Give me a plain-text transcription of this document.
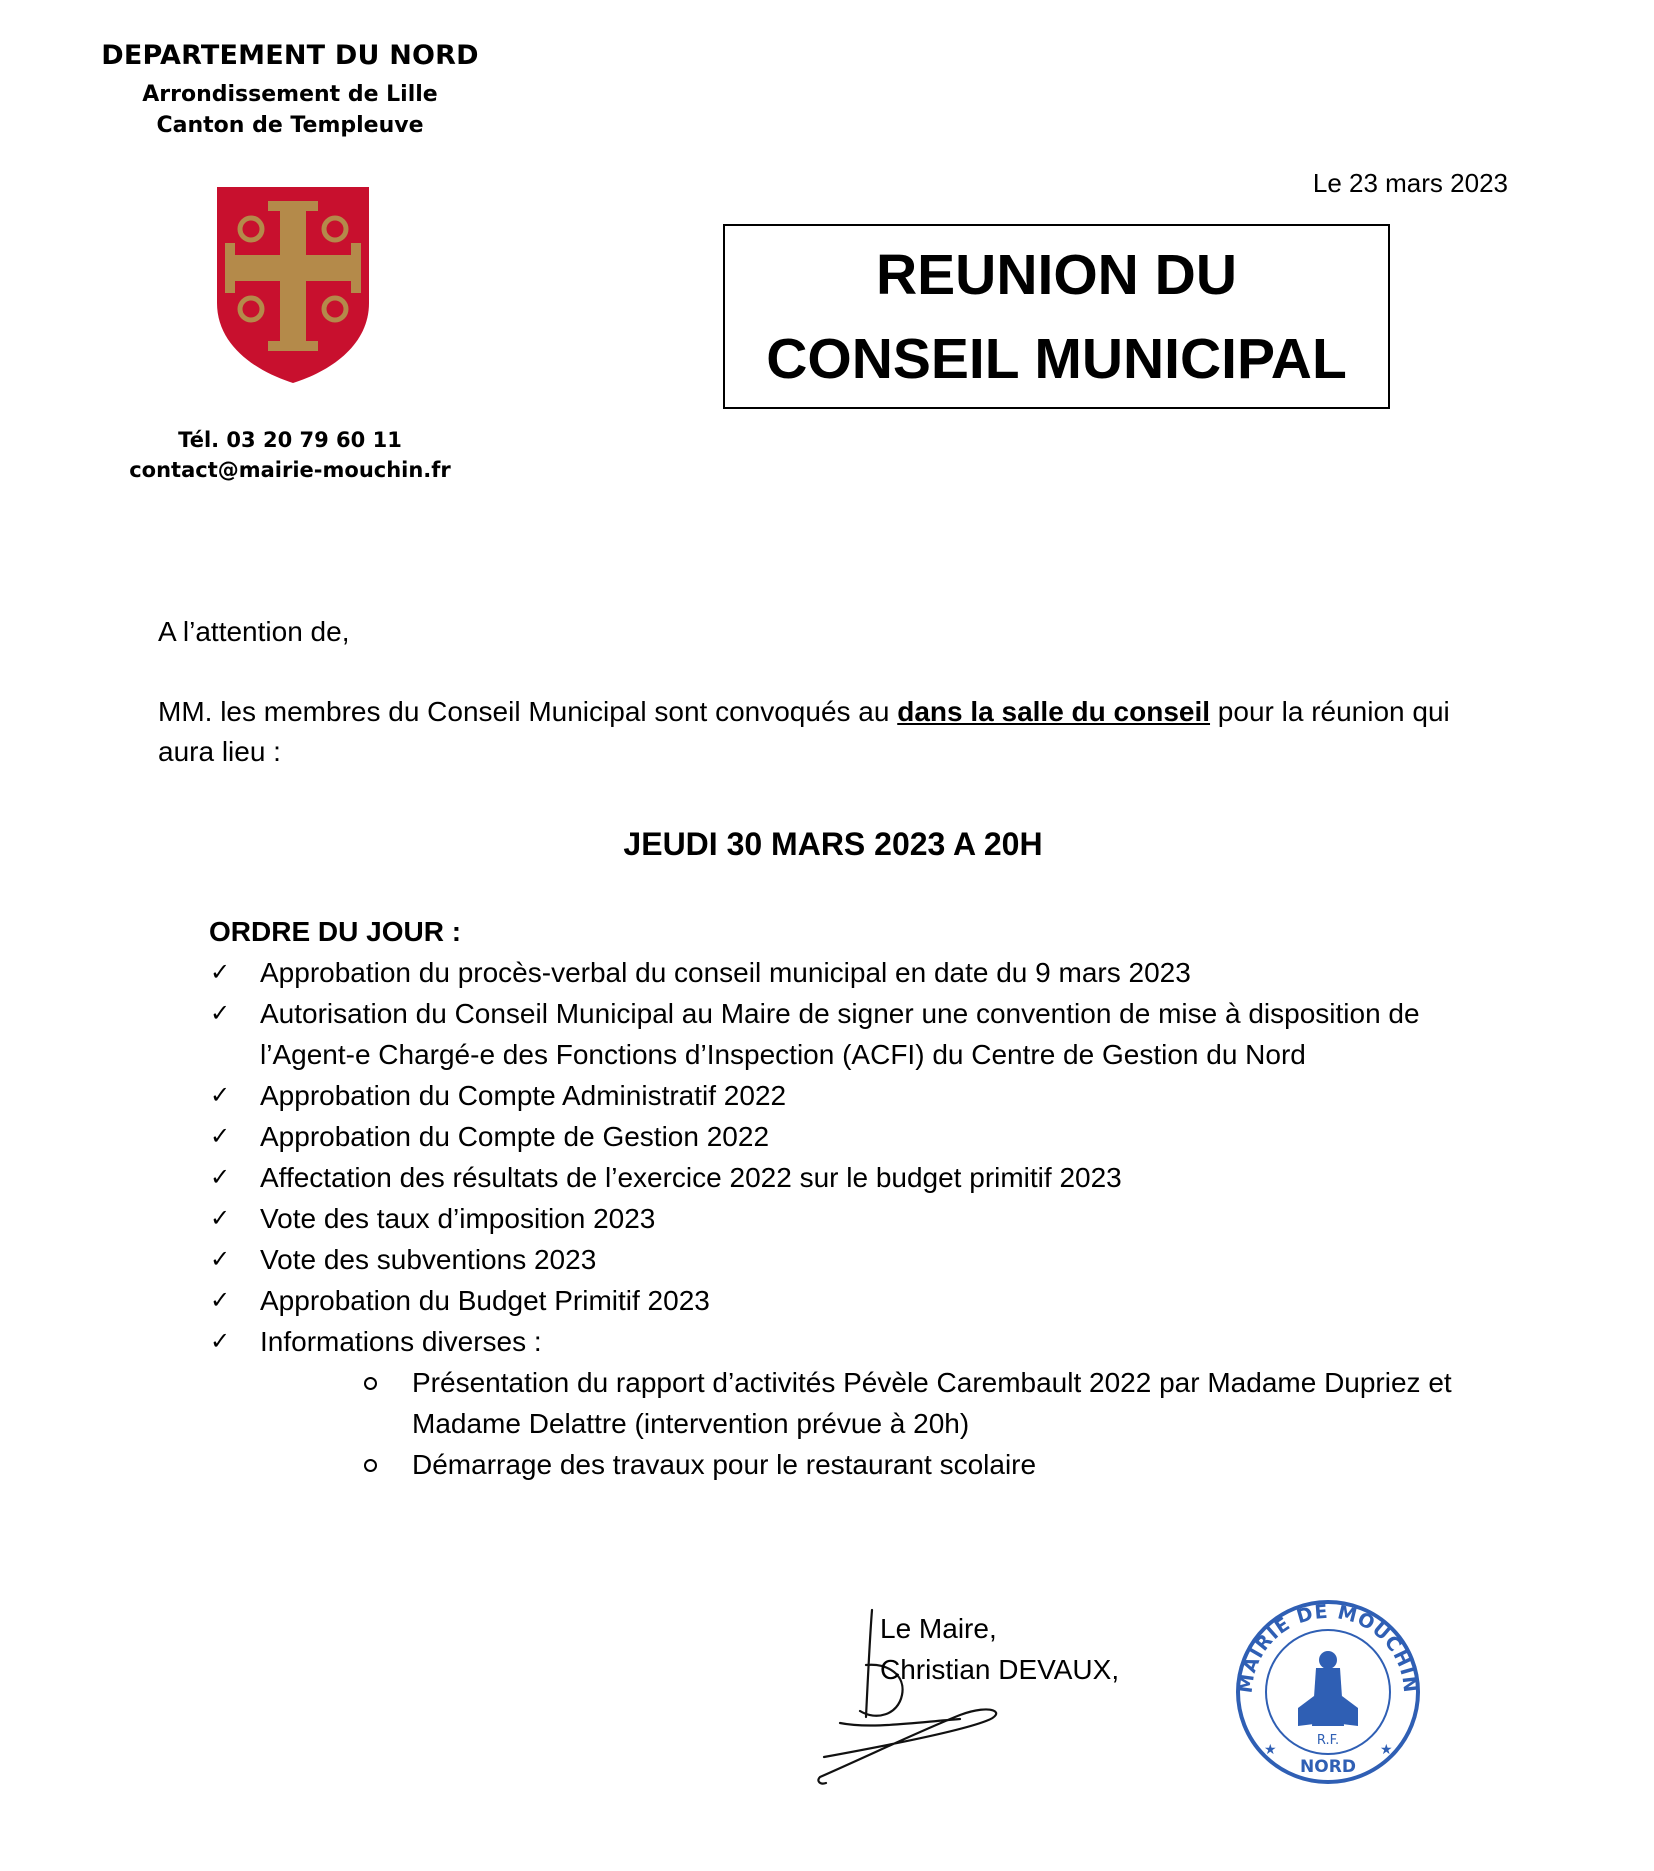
DEPARTEMENT DU NORD
Arrondissement de Lille
Canton de Templeuve
Tél. 03 20 79 60 11
contact@mairie-mouchin.fr
Le 23 mars 2023
REUNION DU
CONSEIL MUNICIPAL
A l’attention de,
MM. les membres du Conseil Municipal sont convoqués au dans la salle du conseil pour la réunion qui aura lieu :
JEUDI 30 MARS 2023 A 20H
ORDRE DU JOUR :
✓	Approbation du procès-verbal du conseil municipal en date du 9 mars 2023
✓	Autorisation du Conseil Municipal au Maire de signer une convention de mise à disposition de l’Agent-e Chargé-e des Fonctions d’Inspection (ACFI) du Centre de Gestion du Nord
✓	Approbation du Compte Administratif 2022
✓	Approbation du Compte de Gestion 2022
✓	Affectation des résultats de l’exercice 2022 sur le budget primitif 2023
✓	Vote des taux d’imposition 2023
✓	Vote des subventions 2023
✓	Approbation du Budget Primitif 2023
✓	Informations diverses :
Présentation du rapport d’activités Pévèle Carembault 2022 par Madame Dupriez et Madame Delattre (intervention prévue à 20h)
Démarrage des travaux pour le restaurant scolaire
Le Maire,
Christian DEVAUX,	MAIRIE DE MOUCHIN
R.F.
NORD
★	★
